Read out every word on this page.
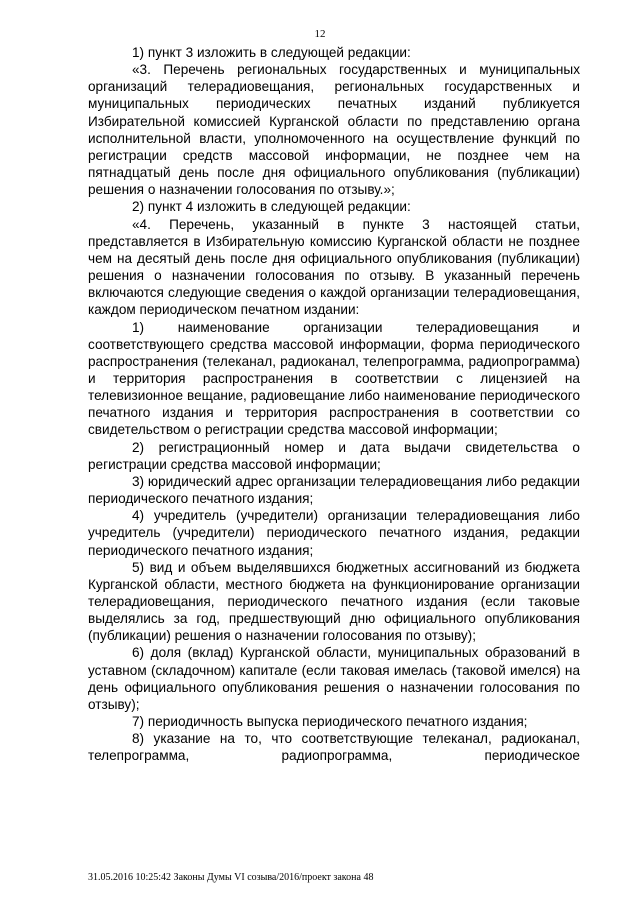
12

1) пункт 3 изложить в следующей редакции:

«3. Перечень региональных государственных и муниципальных организаций телерадиовещания, региональных государственных и муниципальных периодических печатных изданий публикуется Избирательной комиссией Курганской области по представлению органа исполнительной власти, уполномоченного на осуществление функций по регистрации средств массовой информации, не позднее чем на пятнадцатый день после дня официального опубликования (публикации) решения о назначении голосования по отзыву.»;

2) пункт 4 изложить в следующей редакции:

«4. Перечень, указанный в пункте 3 настоящей статьи, представляется в Избирательную комиссию Курганской области не позднее чем на десятый день после дня официального опубликования (публикации) решения о назначении голосования по отзыву. В указанный перечень включаются следующие сведения о каждой организации телерадиовещания, каждом периодическом печатном издании:

1) наименование организации телерадиовещания и соответствующего средства массовой информации, форма периодического распространения (телеканал, радиоканал, телепрограмма, радиопрограмма) и территория распространения в соответствии с лицензией на телевизионное вещание, радиовещание либо наименование периодического печатного издания и территория распространения в соответствии со свидетельством о регистрации средства массовой информации;

2) регистрационный номер и дата выдачи свидетельства о регистрации средства массовой информации;

3) юридический адрес организации телерадиовещания либо редакции периодического печатного издания;

4) учредитель (учредители) организации телерадиовещания либо учредитель (учредители) периодического печатного издания, редакции периодического печатного издания;

5) вид и объем выделявшихся бюджетных ассигнований из бюджета Курганской области, местного бюджета на функционирование организации телерадиовещания, периодического печатного издания (если таковые выделялись за год, предшествующий дню официального опубликования (публикации) решения о назначении голосования по отзыву);

6) доля (вклад) Курганской области, муниципальных образований в уставном (складочном) капитале (если таковая имелась (таковой имелся) на день официального опубликования решения о назначении голосования по отзыву);

7) периодичность выпуска периодического печатного издания;

8) указание на то, что соответствующие телеканал, радиоканал, телепрограмма, радиопрограмма, периодическое

31.05.2016 10:25:42 Законы Думы VI созыва/2016/проект закона 48
